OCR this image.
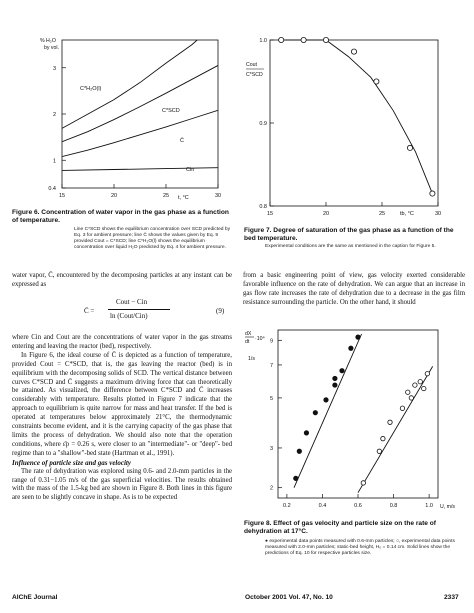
3
2
1
0.4
15	20	25	30
% H₂O
by vol.
t, °C
C*H₂O(l)
C*SCD
C̄
Cin
Figure 6. Concentration of water vapor in the gas phase as a function of temperature.
Line C*SCD shows the equilibrium concentration over SCD predicted by Eq. 3 for ambient pressure; line C̄ shows the values given by Eq. 9 provided Cout = C*SCD; line C*H₂O(l) shows the equilibrium concentration over liquid H₂O predicted by Eq. 4 for ambient pressure.
1.0
0.9
0.8
15	20	25	30
Cout
C*SCD
tb, °C
Figure 7. Degree of saturation of the gas phase as a function of the bed temperature.
Experimental conditions are the same as mentioned in the caption for Figure 5.

water vapor, C̄, encountered by the decomposing particles at any instant can be expressed as

C̄ =
Cout − Cin
ln (Cout/Cin)
(9)

where Cin and Cout are the concentrations of water vapor in the gas streams entering and leaving the reactor (bed), respectively.

In Figure 6, the ideal course of C̄ is depicted as a function of temperature, provided Cout = C*SCD, that is, the gas leaving the reactor (bed) is in equilibrium with the decomposing solids of SCD. The vertical distance between curves C*SCD and C̄ suggests a maximum driving force that can theoretically be attained. As visualized, the difference between C*SCD and C̄ increases considerably with temperature. Results plotted in Figure 7 indicate that the approach to equilibrium is quite narrow for mass and heat transfer. If the bed is operated at temperatures below approximately 21°C, the thermodynamic constraints become evident, and it is the carrying capacity of the gas phase that limits the process of dehydration. We should also note that the operation conditions, where ε̄p = 0.26 s, were closer to an "intermediate"- or "deep"- bed regime than to a "shallow"-bed state (Hartman et al., 1991).

Influence of particle size and gas velocity

The rate of dehydration was explored using 0.6- and 2.0-mm particles in the range of 0.31−1.05 m/s of the gas superficial velocities. The results obtained with the mass of the 1.5-kg bed are shown in Figure 8. Both lines in this figure are seen to be slightly concave in shape. As is to be expected

from a basic engineering point of view, gas velocity exerted considerable favorable influence on the rate of dehydration. We can argue that an increase in gas flow rate increases the rate of dehydration due to a decrease in the gas film resistance surrounding the particle. On the other hand, it should

9
7
5
3
2
0.2	0.4	0.6	0.8	1.0
dX
dt ·10⁴
1/s
U, m/s
Figure 8. Effect of gas velocity and particle size on the rate of dehydration at 17°C.
● experimental data points measured with 0.6-mm particles; ○, experimental data points measured with 2.0-mm particles; static-bed height, H₀ = 0.14 cm. Solid lines show the predictions of Eq. 10 for respective particles size.
AIChE Journal	October 2001 Vol. 47, No. 10	2337
